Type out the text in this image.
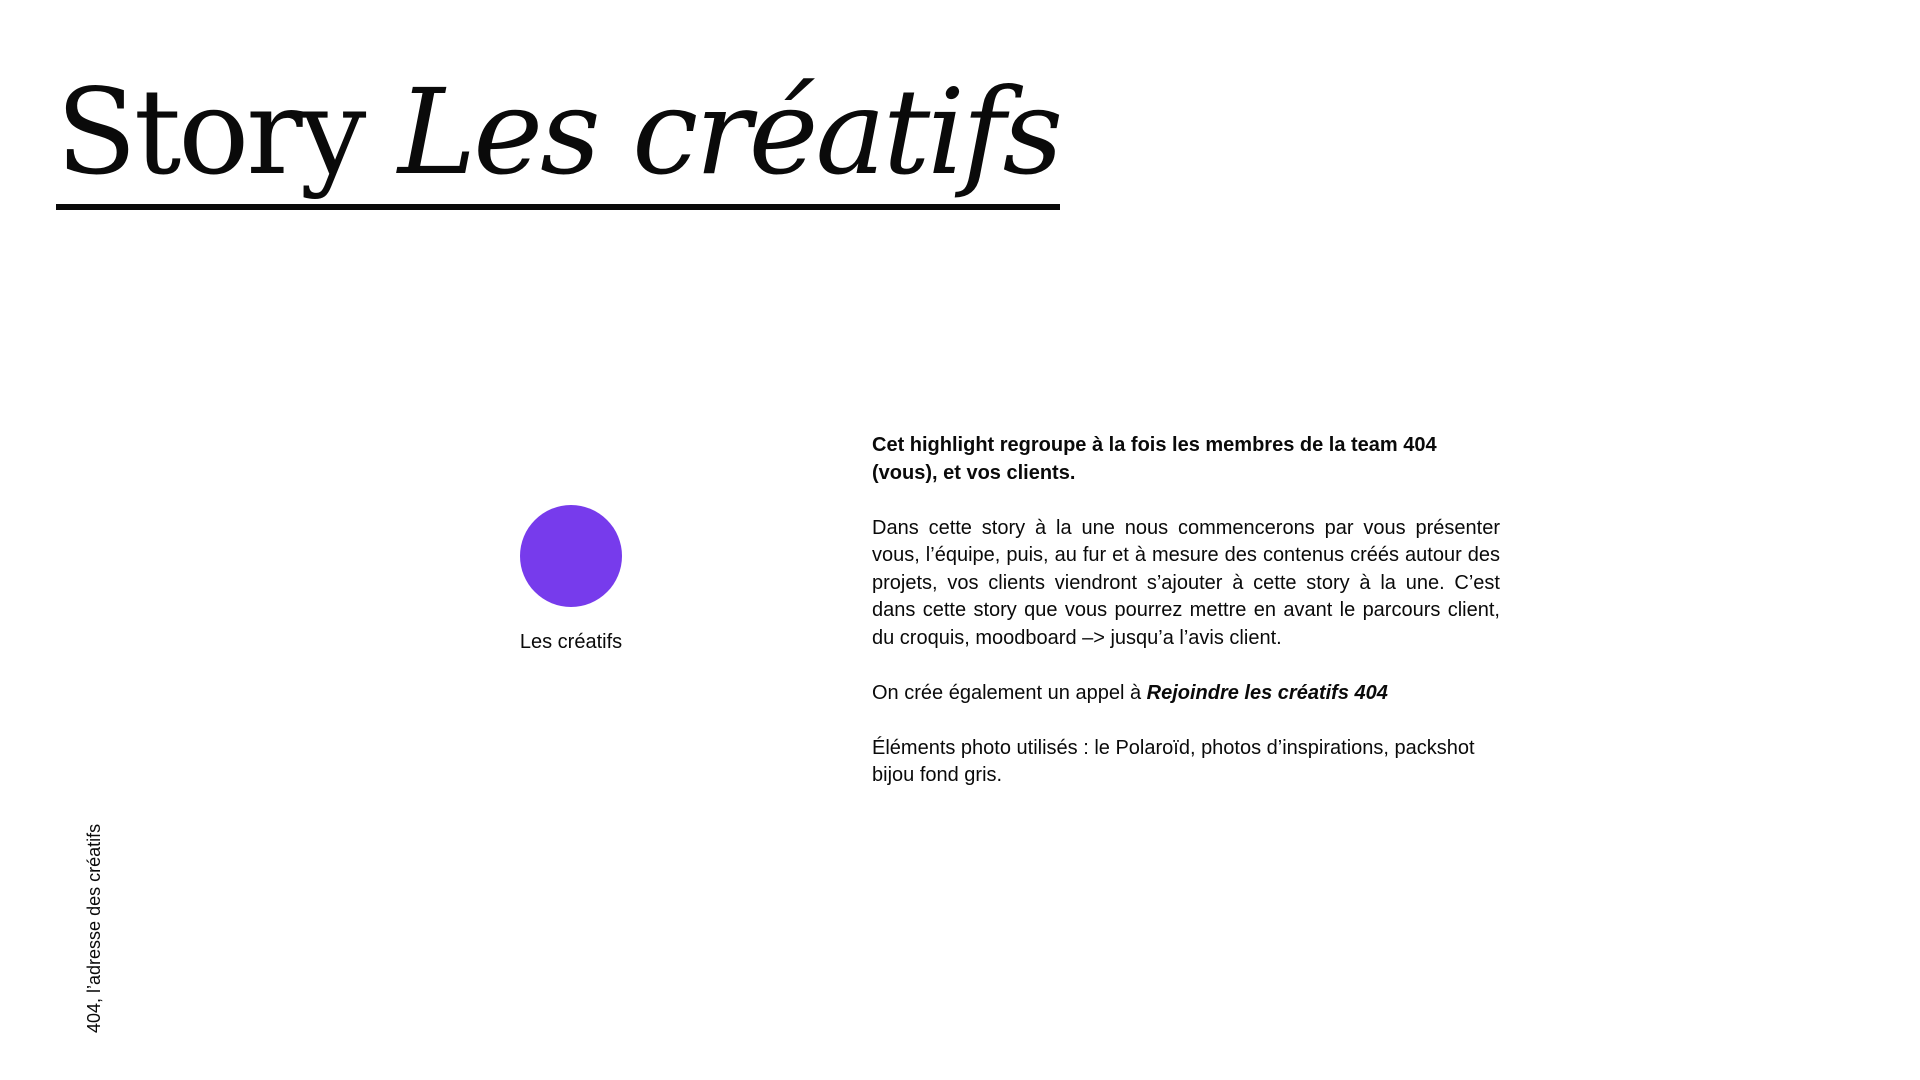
Story Les créatifs
Les créatifs

Cet highlight regroupe à la fois les membres de la team 404 (vous), et vos clients.

Dans cette story à la une nous commencerons par vous présenter vous, l’équipe, puis, au fur et à mesure des contenus créés autour des projets, vos clients viendront s’ajouter à cette story à la une. C’est dans cette story que vous pourrez mettre en avant le parcours client, du croquis, moodboard –> jusqu’a l’avis client.

On crée également un appel à Rejoindre les créatifs 404

Éléments photo utilisés : le Polaroïd, photos d’inspirations, packshot bijou fond gris.

404, l’adresse des créatifs
